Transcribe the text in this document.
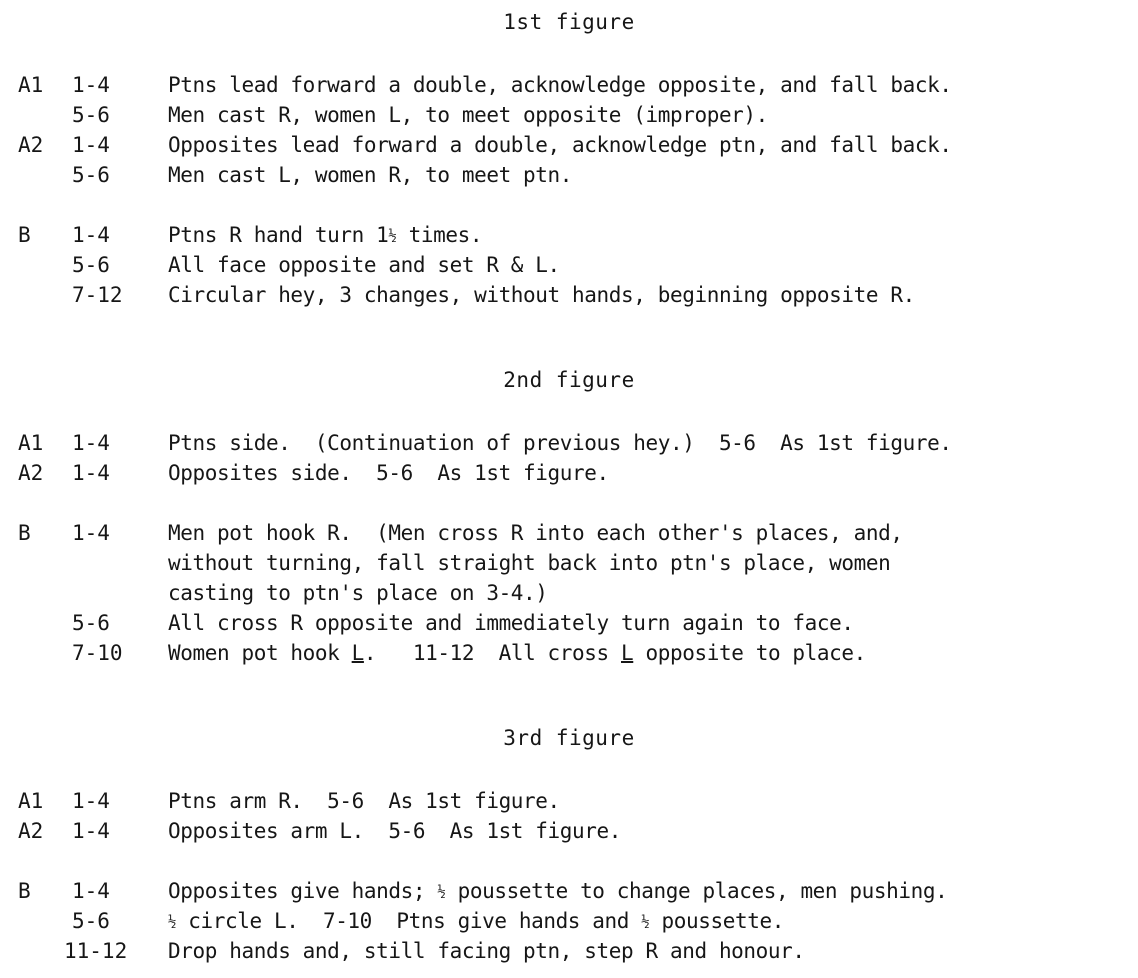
1st figure
A1 1-4	Ptns lead forward a double, acknowledge opposite, and fall back.
5-6	Men cast R, women L, to meet opposite (improper).
A2 1-4	Opposites lead forward a double, acknowledge ptn, and fall back.
5-6	Men cast L, women R, to meet ptn.
B 1-4	Ptns R hand turn 1½ times.
5-6	All face opposite and set R & L.
7-12	Circular hey, 3 changes, without hands, beginning opposite R.
2nd figure
A1 1-4	Ptns side.  (Continuation of previous hey.)  5-6  As 1st figure.
A2 1-4	Opposites side.  5-6  As 1st figure.
B 1-4	Men pot hook R.  (Men cross R into each other's places, and,
without turning, fall straight back into ptn's place, women
casting to ptn's place on 3-4.)
5-6	All cross R opposite and immediately turn again to face.
7-10	Women pot hook L.   11-12  All cross L opposite to place.
3rd figure
A1 1-4	Ptns arm R.  5-6  As 1st figure.
A2 1-4	Opposites arm L.  5-6  As 1st figure.
B 1-4	Opposites give hands; ½ poussette to change places, men pushing.
5-6	½ circle L.  7-10  Ptns give hands and ½ poussette.
11-12	Drop hands and, still facing ptn, step R and honour.
